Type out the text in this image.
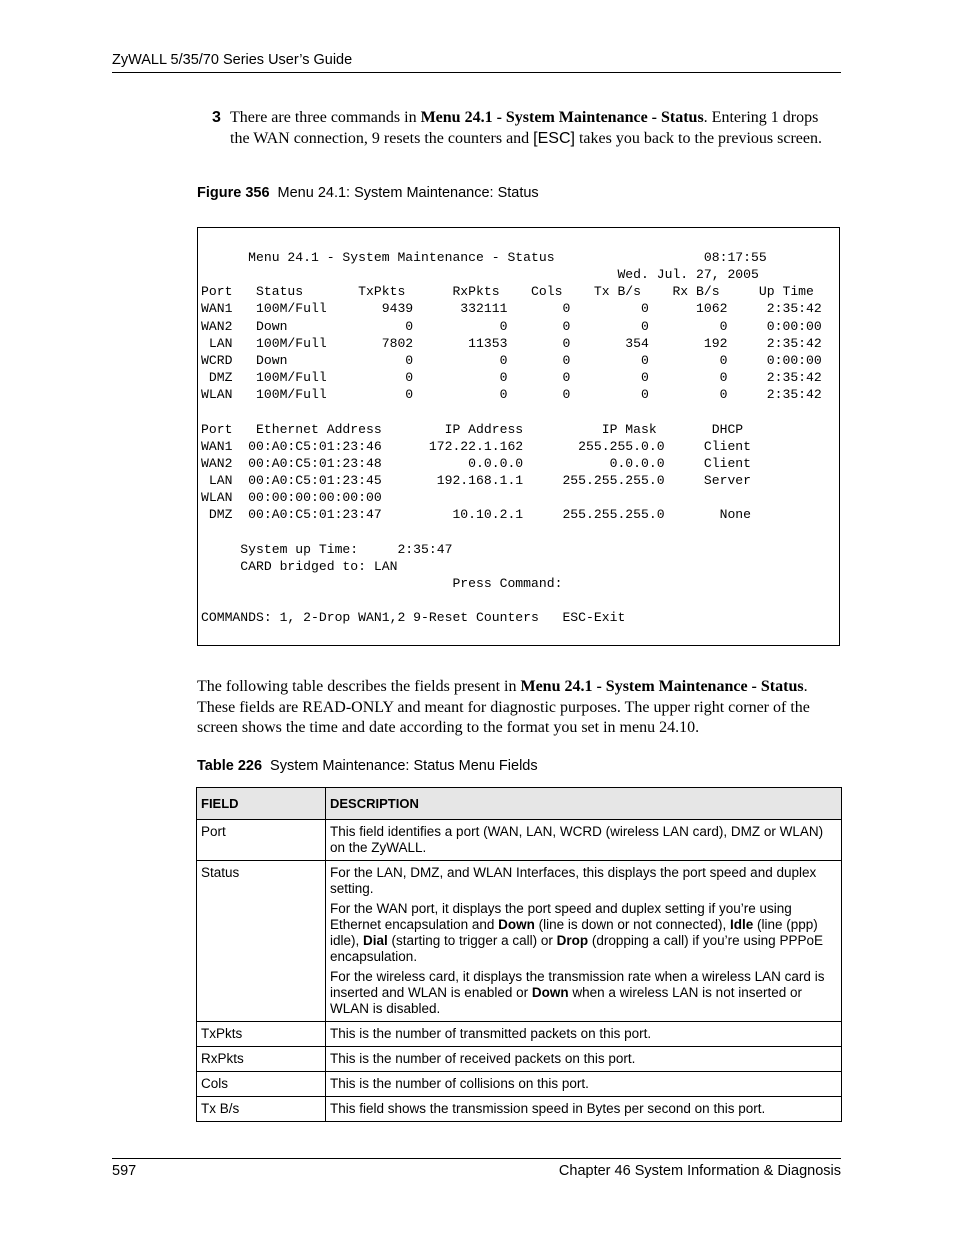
ZyWALL 5/35/70 Series User’s Guide
3 There are three commands in Menu 24.1 - System Maintenance - Status. Entering 1 drops the WAN connection, 9 resets the counters and [ESC] takes you back to the previous screen.
Figure 356 Menu 24.1: System Maintenance: Status
Menu 24.1 - System Maintenance - Status                   08:17:55
Wed. Jul. 27, 2005
Port   Status       TxPkts      RxPkts    Cols    Tx B/s    Rx B/s     Up Time
WAN1   100M/Full       9439      332111       0         0      1062     2:35:42
WAN2   Down               0           0       0         0         0     0:00:00
LAN   100M/Full       7802       11353       0       354       192     2:35:42
WCRD   Down               0           0       0         0         0     0:00:00
DMZ   100M/Full          0           0       0         0         0     2:35:42
WLAN   100M/Full          0           0       0         0         0     2:35:42

Port   Ethernet Address        IP Address          IP Mask       DHCP
WAN1  00:A0:C5:01:23:46      172.22.1.162       255.255.0.0     Client
WAN2  00:A0:C5:01:23:48           0.0.0.0           0.0.0.0     Client
LAN  00:A0:C5:01:23:45       192.168.1.1     255.255.255.0     Server
WLAN  00:00:00:00:00:00
DMZ  00:A0:C5:01:23:47         10.10.2.1     255.255.255.0       None

System up Time:     2:35:47
CARD bridged to: LAN
Press Command:

COMMANDS: 1, 2-Drop WAN1,2 9-Reset Counters   ESC-Exit
The following table describes the fields present in Menu 24.1 - System Maintenance - Status. These fields are READ-ONLY and meant for diagnostic purposes. The upper right corner of the screen shows the time and date according to the format you set in menu 24.10.
Table 226 System Maintenance: Status Menu Fields
FIELD	DESCRIPTION
Port	This field identifies a port (WAN, LAN, WCRD (wireless LAN card), DMZ or WLAN) on the ZyWALL.
Status	For the LAN, DMZ, and WLAN Interfaces, this displays the port speed and duplex setting.

For the WAN port, it displays the port speed and duplex setting if you’re using Ethernet encapsulation and Down (line is down or not connected), Idle (line (ppp) idle), Dial (starting to trigger a call) or Drop (dropping a call) if you’re using PPPoE encapsulation.

For the wireless card, it displays the transmission rate when a wireless LAN card is inserted and WLAN is enabled or Down when a wireless LAN is not inserted or WLAN is disabled.

TxPkts	This is the number of transmitted packets on this port.
RxPkts	This is the number of received packets on this port.
Cols	This is the number of collisions on this port.
Tx B/s	This field shows the transmission speed in Bytes per second on this port.
597	Chapter 46 System Information & Diagnosis
